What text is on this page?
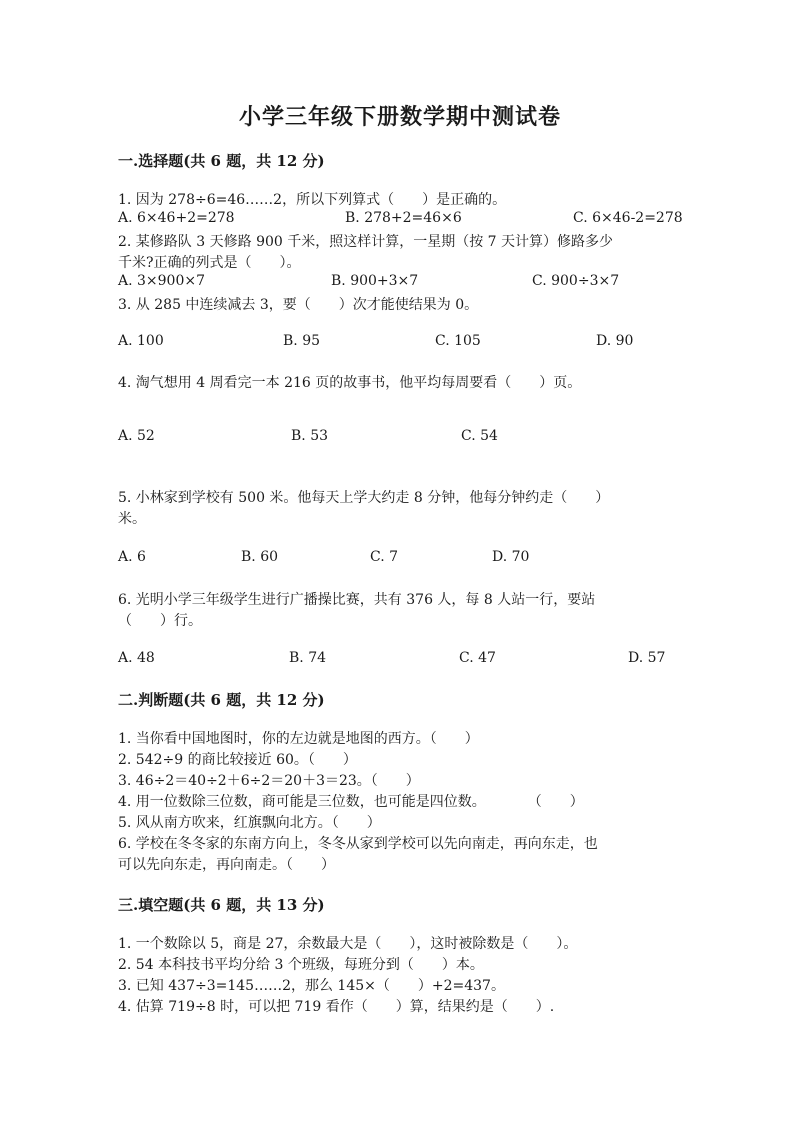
小学三年级下册数学期中测试卷
一.选择题(共 6 题，共 12 分)
1. 因为 278÷6=46……2，所以下列算式（　　）是正确的。
A. 6×46+2=278	B. 278+2=46×6	C. 6×46-2=278
2. 某修路队 3 天修路 900 千米，照这样计算，一星期（按 7 天计算）修路多少
千米?正确的列式是（　　）。
A. 3×900×7	B. 900+3×7	C. 900÷3×7
3. 从 285 中连续减去 3，要（　　）次才能使结果为 0。
A. 100	B. 95	C. 105	D. 90
4. 淘气想用 4 周看完一本 216 页的故事书，他平均每周要看（　　）页。
A. 52	B. 53	C. 54
5. 小林家到学校有 500 米。他每天上学大约走 8 分钟，他每分钟约走（　　）
米。
A. 6	B. 60	C. 7	D. 70
6. 光明小学三年级学生进行广播操比赛，共有 376 人，每 8 人站一行，要站
（　　）行。
A. 48	B. 74	C. 47	D. 57
二.判断题(共 6 题，共 12 分)
1. 当你看中国地图时，你的左边就是地图的西方。（　　）
2. 542÷9 的商比较接近 60。（　　）
3. 46÷2＝40÷2＋6÷2＝20＋3＝23。（　　）
4. 用一位数除三位数，商可能是三位数，也可能是四位数。　　　　（　　）
5. 风从南方吹来，红旗飘向北方。（　　）
6. 学校在冬冬家的东南方向上，冬冬从家到学校可以先向南走，再向东走，也
可以先向东走，再向南走。（　　）
三.填空题(共 6 题，共 13 分)
1. 一个数除以 5，商是 27，余数最大是（　　），这时被除数是（　　）。
2. 54 本科技书平均分给 3 个班级，每班分到（　　）本。
3. 已知 437÷3=145……2，那么 145×（　　）+2=437。
4. 估算 719÷8 时，可以把 719 看作（　　）算，结果约是（　　）.
